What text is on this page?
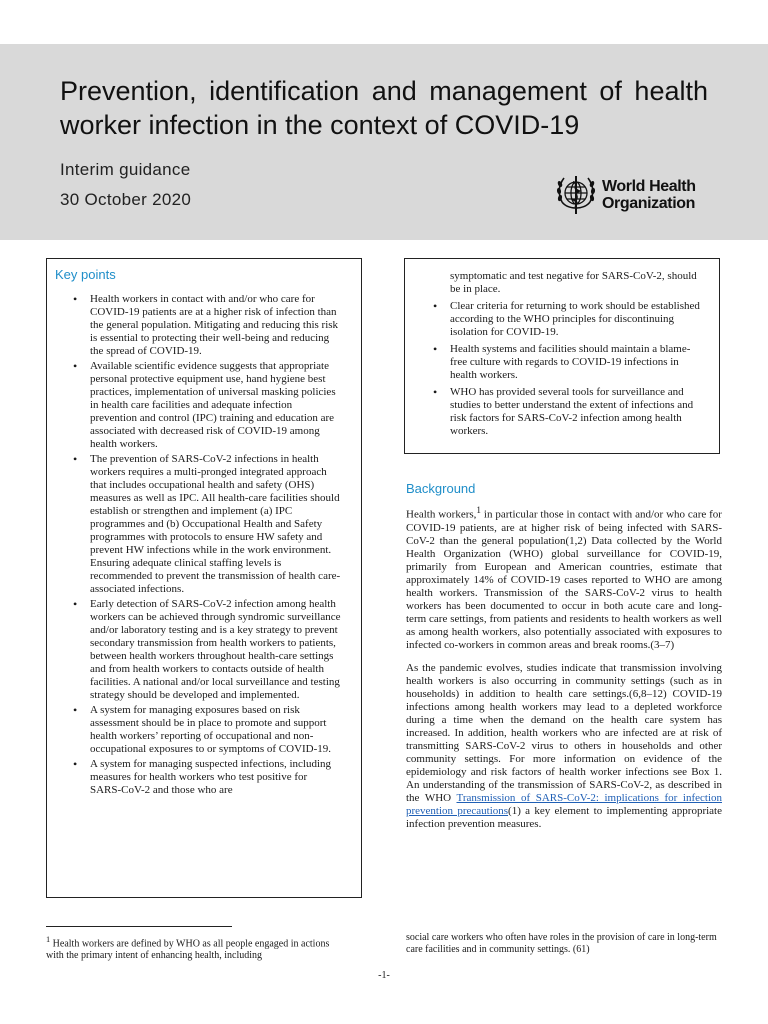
Prevention, identification and management of health worker infection in the context of COVID-19
Interim guidance
30 October 2020
World Health
Organization
Key points
• Health workers in contact with and/or who care for COVID-19 patients are at a higher risk of infection than the general population. Mitigating and reducing this risk is essential to protecting their well-being and reducing the spread of COVID-19.
• Available scientific evidence suggests that appropriate personal protective equipment use, hand hygiene best practices, implementation of universal masking policies in health care facilities and adequate infection prevention and control (IPC) training and education are associated with decreased risk of COVID-19 among health workers.
• The prevention of SARS-CoV-2 infections in health workers requires a multi-pronged integrated approach that includes occupational health and safety (OHS) measures as well as IPC. All health-care facilities should establish or strengthen and implement (a) IPC programmes and (b) Occupational Health and Safety programmes with protocols to ensure HW safety and prevent HW infections while in the work environment. Ensuring adequate clinical staffing levels is recommended to prevent the transmission of health care-associated infections.
• Early detection of SARS-CoV-2 infection among health workers can be achieved through syndromic surveillance and/or laboratory testing and is a key strategy to prevent secondary transmission from health workers to patients, between health workers throughout health-care settings and from health workers to contacts outside of health facilities. A national and/or local surveillance and testing strategy should be developed and implemented.
• A system for managing exposures based on risk assessment should be in place to promote and support health workers’ reporting of occupational and non-occupational exposures to or symptoms of COVID-19.
• A system for managing suspected infections, including measures for health workers who test positive for SARS-CoV-2 and those who are
symptomatic and test negative for SARS-CoV-2, should be in place.
• Clear criteria for returning to work should be established according to the WHO principles for discontinuing isolation for COVID-19.
• Health systems and facilities should maintain a blame-free culture with regards to COVID-19 infections in health workers.
• WHO has provided several tools for surveillance and studies to better understand the extent of infections and risk factors for SARS-CoV-2 infection among health workers.
Background

Health workers,$^1$ in particular those in contact with and/or who care for COVID-19 patients, are at higher risk of being infected with SARS-CoV-2 than the general population(1,2) Data collected by the World Health Organization (WHO) global surveillance for COVID-19, primarily from European and American countries, estimate that approximately 14% of COVID-19 cases reported to WHO are among health workers. Transmission of the SARS-CoV-2 virus to health workers has been documented to occur in both acute care and long-term care settings, from patients and residents to health workers as well as among health workers, also potentially associated with exposures to infected co-workers in common areas and break rooms.(3–7)

As the pandemic evolves, studies indicate that transmission involving health workers is also occurring in community settings (such as in households) in addition to health care settings.(6,8–12) COVID-19 infections among health workers may lead to a depleted workforce during a time when the demand on the health care system has increased. In addition, health workers who are infected are at risk of transmitting SARS-CoV-2 virus to others in households and other community settings. For more information on evidence of the epidemiology and risk factors of health worker infections see Box 1. An understanding of the transmission of SARS-CoV-2, as described in the WHO Transmission of SARS-CoV-2: implications for infection prevention precautions(1) a key element to implementing appropriate infection prevention measures.

$^1$ Health workers are defined by WHO as all people engaged in actions with the primary intent of enhancing health, including
social care workers who often have roles in the provision of care in long-term care facilities and in community settings. (61)
-1-
